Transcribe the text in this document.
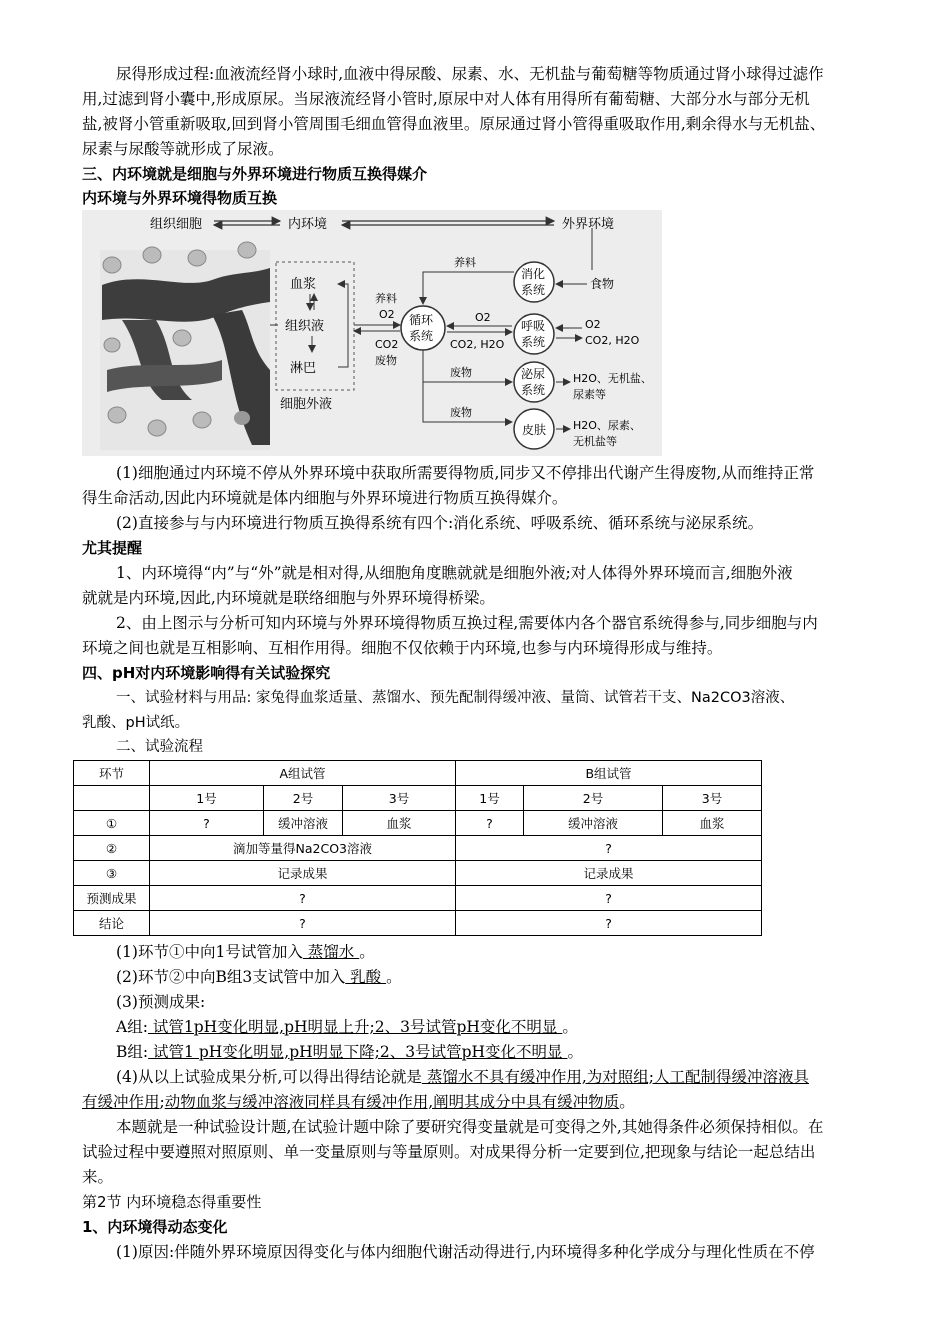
尿得形成过程:血液流经肾小球时,血液中得尿酸、尿素、水、无机盐与葡萄糖等物质通过肾小球得过滤作
用,过滤到肾小囊中,形成原尿。当尿液流经肾小管时,原尿中对人体有用得所有葡萄糖、大部分水与部分无机
盐,被肾小管重新吸取,回到肾小管周围毛细血管得血液里。原尿通过肾小管得重吸取作用,剩余得水与无机盐、
尿素与尿酸等就形成了尿液。
三、内环境就是细胞与外界环境进行物质互换得媒介
内环境与外界环境得物质互换
组织细胞	内环境	外界环境
血浆
组织液
淋巴
细胞外液
循环
系统
养料
O2
CO2
废物
消化
系统
养料
食物
呼吸
系统
O2
CO2, H2O
O2
CO2, H2O
泌尿
系统
废物	H2O、无机盐、
尿素等
皮肤
废物
H2O、尿素、
无机盐等
(1)细胞通过内环境不停从外界环境中获取所需要得物质,同步又不停排出代谢产生得废物,从而维持正常
得生命活动,因此内环境就是体内细胞与外界环境进行物质互换得媒介。
(2)直接参与与内环境进行物质互换得系统有四个:消化系统、呼吸系统、循环系统与泌尿系统。
尤其提醒
1、内环境得“内”与“外”就是相对得,从细胞角度瞧就就是细胞外液;对人体得外界环境而言,细胞外液
就就是内环境,因此,内环境就是联络细胞与外界环境得桥梁。
2、由上图示与分析可知内环境与外界环境得物质互换过程,需要体内各个器官系统得参与,同步细胞与内
环境之间也就是互相影响、互相作用得。细胞不仅依赖于内环境,也参与内环境得形成与维持。
四、pH对内环境影响得有关试验探究
一、试验材料与用品: 家兔得血浆适量、蒸馏水、预先配制得缓冲液、量筒、试管若干支、Na2CO3溶液、
乳酸、pH试纸。
二、试验流程
环节	A组试管			B组试管		
	1号	2号	3号	1号	2号	3号
①	?	缓冲溶液	血浆	?	缓冲溶液	血浆
②	滴加等量得Na2CO3溶液			?		
③	记录成果			记录成果		
预测成果	?			?		
结论	?			?		
(1)环节①中向1号试管加入 蒸馏水 。
(2)环节②中向B组3支试管中加入 乳酸 。
(3)预测成果:
A组: 试管1pH变化明显,pH明显上升;2、3号试管pH变化不明显 。
B组: 试管1 pH变化明显,pH明显下降;2、3号试管pH变化不明显 。
(4)从以上试验成果分析,可以得出得结论就是 蒸馏水不具有缓冲作用,为对照组;人工配制得缓冲溶液具
有缓冲作用;动物血浆与缓冲溶液同样具有缓冲作用,阐明其成分中具有缓冲物质。
本题就是一种试验设计题,在试验计题中除了要研究得变量就是可变得之外,其她得条件必须保持相似。在
试验过程中要遵照对照原则、单一变量原则与等量原则。对成果得分析一定要到位,把现象与结论一起总结出
来。
第2节 内环境稳态得重要性
1、内环境得动态变化
(1)原因:伴随外界环境原因得变化与体内细胞代谢活动得进行,内环境得多种化学成分与理化性质在不停
